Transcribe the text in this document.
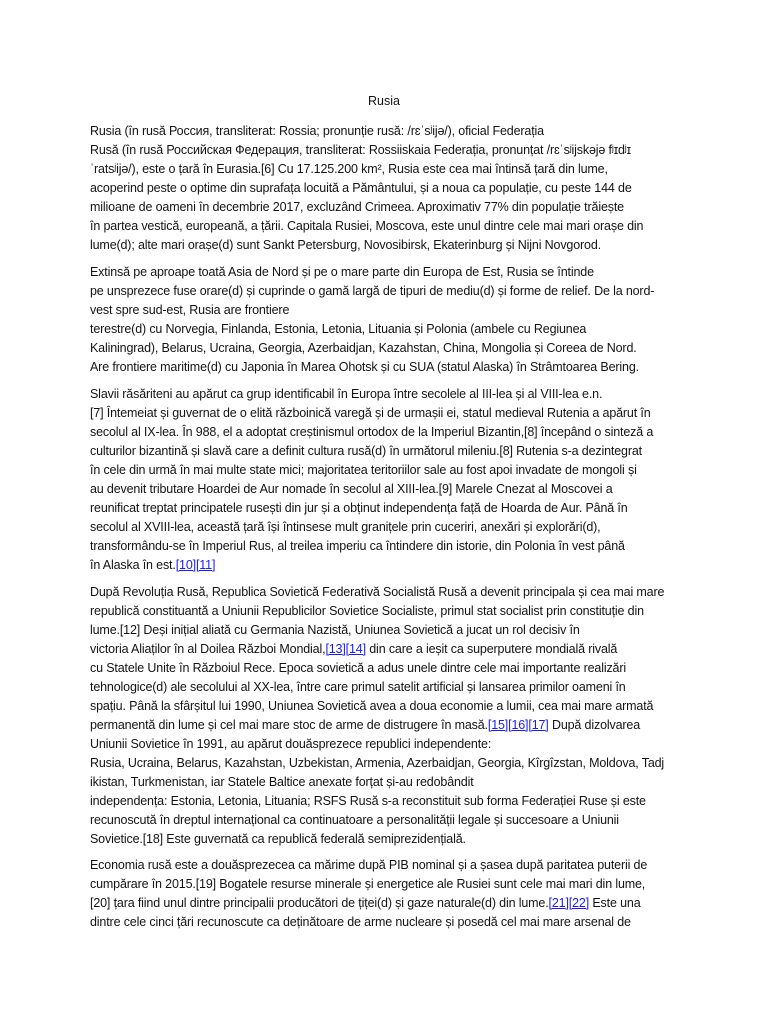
Rusia
Rusia (în rusă Россия, transliterat: Rossia; pronunție rusă: /rɛˈsʲijə/), oficial Federația
Rusă (în rusă Российская Федерация, transliterat: Rossiiskaia Federația, pronunțat /rɛˈsʲijskəjə fʲɪdʲɪ
ˈratsʲijə/), este o țară în Eurasia.[6] Cu 17.125.200 km², Rusia este cea mai întinsă țară din lume,
acoperind peste o optime din suprafața locuită a Pământului, și a noua ca populație, cu peste 144 de
milioane de oameni în decembrie 2017, excluzând Crimeea. Aproximativ 77% din populație trăiește
în partea vestică, europeană, a țării. Capitala Rusiei, Moscova, este unul dintre cele mai mari orașe din
lume(d); alte mari orașe(d) sunt Sankt Petersburg, Novosibirsk, Ekaterinburg și Nijni Novgorod.
Extinsă pe aproape toată Asia de Nord și pe o mare parte din Europa de Est, Rusia se întinde
pe unsprezece fuse orare(d) și cuprinde o gamă largă de tipuri de mediu(d) și forme de relief. De la nord-
vest spre sud-est, Rusia are frontiere
terestre(d) cu Norvegia, Finlanda, Estonia, Letonia, Lituania și Polonia (ambele cu Regiunea
Kaliningrad), Belarus, Ucraina, Georgia, Azerbaidjan, Kazahstan, China, Mongolia și Coreea de Nord.
Are frontiere maritime(d) cu Japonia în Marea Ohotsk și cu SUA (statul Alaska) în Strâmtoarea Bering.
Slavii răsăriteni au apărut ca grup identificabil în Europa între secolele al III-lea și al VIII-lea e.n.
[7] Întemeiat și guvernat de o elită războinică varegă și de urmașii ei, statul medieval Rutenia a apărut în
secolul al IX-lea. În 988, el a adoptat creștinismul ortodox de la Imperiul Bizantin,[8] începând o sinteză a
culturilor bizantină și slavă care a definit cultura rusă(d) în următorul mileniu.[8] Rutenia s-a dezintegrat
în cele din urmă în mai multe state mici; majoritatea teritoriilor sale au fost apoi invadate de mongoli și
au devenit tributare Hoardei de Aur nomade în secolul al XIII-lea.[9] Marele Cnezat al Moscovei a
reunificat treptat principatele rusești din jur și a obținut independența față de Hoarda de Aur. Până în
secolul al XVIII-lea, această țară își întinsese mult granițele prin cuceriri, anexări și explorări(d),
transformându-se în Imperiul Rus, al treilea imperiu ca întindere din istorie, din Polonia în vest până
în Alaska în est.[10][11]
După Revoluția Rusă, Republica Sovietică Federativă Socialistă Rusă a devenit principala și cea mai mare
republică constituantă a Uniunii Republicilor Sovietice Socialiste, primul stat socialist prin constituție din
lume.[12] Deși inițial aliată cu Germania Nazistă, Uniunea Sovietică a jucat un rol decisiv în
victoria Aliaților în al Doilea Război Mondial,[13][14] din care a ieșit ca superputere mondială rivală
cu Statele Unite în Războiul Rece. Epoca sovietică a adus unele dintre cele mai importante realizări
tehnologice(d) ale secolului al XX-lea, între care primul satelit artificial și lansarea primilor oameni în
spațiu. Până la sfârșitul lui 1990, Uniunea Sovietică avea a doua economie a lumii, cea mai mare armată
permanentă din lume și cel mai mare stoc de arme de distrugere în masă.[15][16][17] După dizolvarea
Uniunii Sovietice în 1991, au apărut douăsprezece republici independente:
Rusia, Ucraina, Belarus, Kazahstan, Uzbekistan, Armenia, Azerbaidjan, Georgia, Kîrgîzstan, Moldova, Tadj
ikistan, Turkmenistan, iar Statele Baltice anexate forțat și-au redobândit
independența: Estonia, Letonia, Lituania; RSFS Rusă s-a reconstituit sub forma Federației Ruse și este
recunoscută în dreptul internațional ca continuatoare a personalității legale și succesoare a Uniunii
Sovietice.[18] Este guvernată ca republică federală semiprezidențială.
Economia rusă este a douăsprezecea ca mărime după PIB nominal și a șasea după paritatea puterii de
cumpărare în 2015.[19] Bogatele resurse minerale și energetice ale Rusiei sunt cele mai mari din lume,
[20] țara fiind unul dintre principalii producători de țiței(d) și gaze naturale(d) din lume.[21][22] Este una
dintre cele cinci țări recunoscute ca deținătoare de arme nucleare și posedă cel mai mare arsenal de
